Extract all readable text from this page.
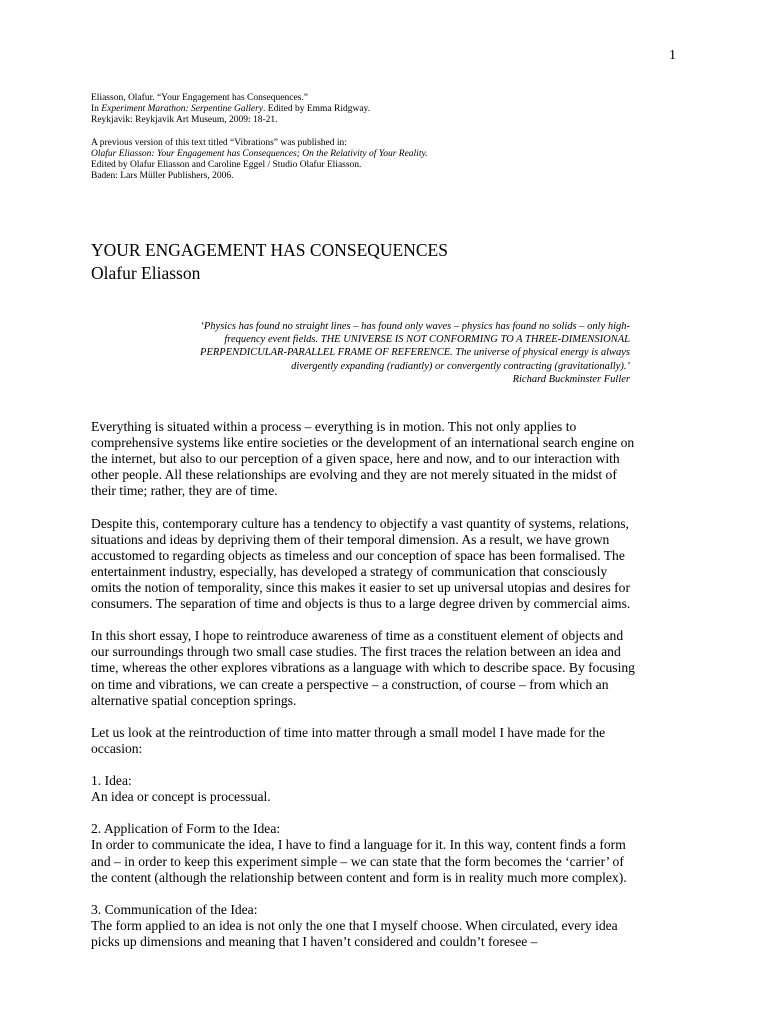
1

Eliasson, Olafur. “Your Engagement has Consequences.”

In Experiment Marathon: Serpentine Gallery. Edited by Emma Ridgway.

Reykjavik: Reykjavik Art Museum, 2009: 18-21.

A previous version of this text titled “Vibrations” was published in:

Olafur Eliasson: Your Engagement has Consequences; On the Relativity of Your Reality.

Edited by Olafur Eliasson and Caroline Eggel / Studio Olafur Eliasson.

Baden: Lars Müller Publishers, 2006.

YOUR ENGAGEMENT HAS CONSEQUENCES
Olafur Eliasson

‘Physics has found no straight lines – has found only waves – physics has found no solids – only high-

frequency event fields. THE UNIVERSE IS NOT CONFORMING TO A THREE-DIMENSIONAL

PERPENDICULAR-PARALLEL FRAME OF REFERENCE. The universe of physical energy is always

divergently expanding (radiantly) or convergently contracting (gravitationally).’

Richard Buckminster Fuller

Everything is situated within a process – everything is in motion. This not only applies to comprehensive systems like entire societies or the development of an international search engine on the internet, but also to our perception of a given space, here and now, and to our interaction with other people. All these relationships are evolving and they are not merely situated in the midst of their time; rather, they are of time.

Despite this, contemporary culture has a tendency to objectify a vast quantity of systems, relations, situations and ideas by depriving them of their temporal dimension. As a result, we have grown accustomed to regarding objects as timeless and our conception of space has been formalised. The entertainment industry, especially, has developed a strategy of communication that consciously omits the notion of temporality, since this makes it easier to set up universal utopias and desires for consumers. The separation of time and objects is thus to a large degree driven by commercial aims.

In this short essay, I hope to reintroduce awareness of time as a constituent element of objects and our surroundings through two small case studies. The first traces the relation between an idea and time, whereas the other explores vibrations as a language with which to describe space. By focusing on time and vibrations, we can create a perspective – a construction, of course – from which an alternative spatial conception springs.

Let us look at the reintroduction of time into matter through a small model I have made for the occasion:

1. Idea:

An idea or concept is processual.

2. Application of Form to the Idea:

In order to communicate the idea, I have to find a language for it. In this way, content finds a form and – in order to keep this experiment simple – we can state that the form becomes the ‘carrier’ of the content (although the relationship between content and form is in reality much more complex).

3. Communication of the Idea:

The form applied to an idea is not only the one that I myself choose. When circulated, every idea picks up dimensions and meaning that I haven’t considered and couldn’t foresee –
